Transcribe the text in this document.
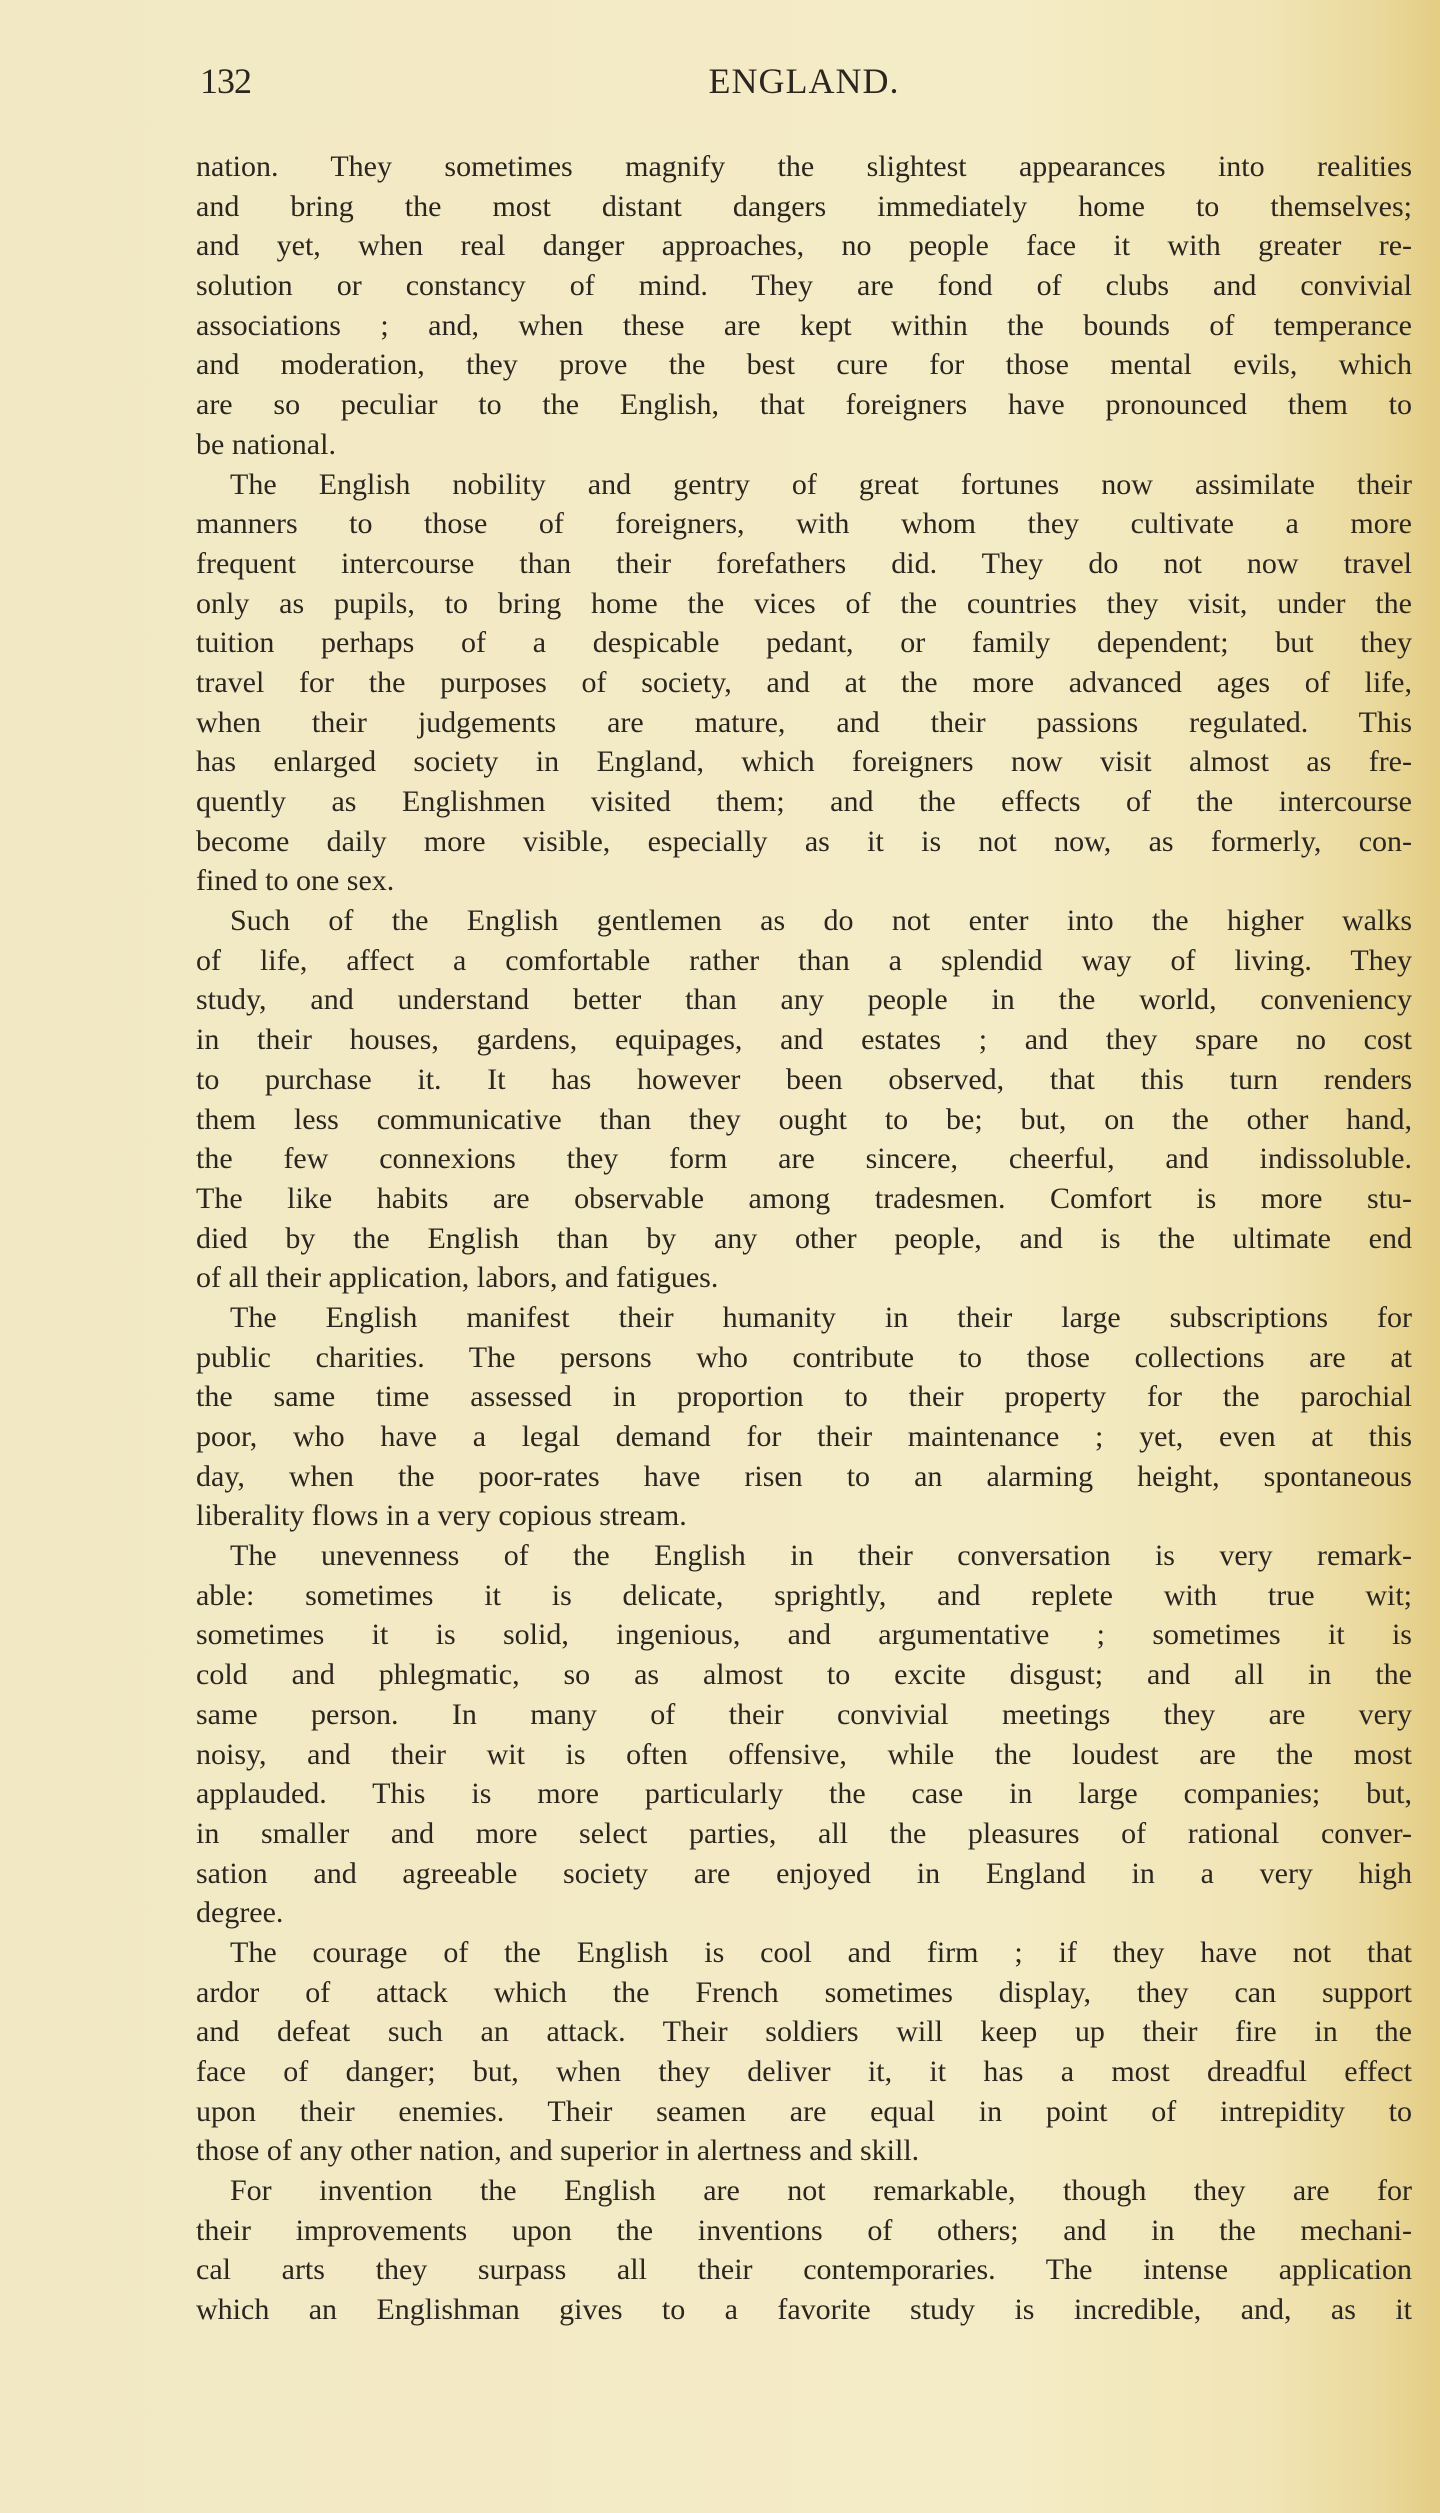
132	ENGLAND.
nation. They sometimes magnify the slightest appearances into realities
and bring the most distant dangers immediately home to themselves;
and yet, when real danger approaches, no people face it with greater re-
solution or constancy of mind. They are fond of clubs and convivial
associations ; and, when these are kept within the bounds of temperance
and moderation, they prove the best cure for those mental evils, which
are so peculiar to the English, that foreigners have pronounced them to
be national.
The English nobility and gentry of great fortunes now assimilate their
manners to those of foreigners, with whom they cultivate a more
frequent intercourse than their forefathers did. They do not now travel
only as pupils, to bring home the vices of the countries they visit, under the
tuition perhaps of a despicable pedant, or family dependent; but they
travel for the purposes of society, and at the more advanced ages of life,
when their judgements are mature, and their passions regulated. This
has enlarged society in England, which foreigners now visit almost as fre-
quently as Englishmen visited them; and the effects of the intercourse
become daily more visible, especially as it is not now, as formerly, con-
fined to one sex.
Such of the English gentlemen as do not enter into the higher walks
of life, affect a comfortable rather than a splendid way of living. They
study, and understand better than any people in the world, conveniency
in their houses, gardens, equipages, and estates ; and they spare no cost
to purchase it. It has however been observed, that this turn renders
them less communicative than they ought to be; but, on the other hand,
the few connexions they form are sincere, cheerful, and indissoluble.
The like habits are observable among tradesmen. Comfort is more stu-
died by the English than by any other people, and is the ultimate end
of all their application, labors, and fatigues.
The English manifest their humanity in their large subscriptions for
public charities. The persons who contribute to those collections are at
the same time assessed in proportion to their property for the parochial
poor, who have a legal demand for their maintenance ; yet, even at this
day, when the poor-rates have risen to an alarming height, spontaneous
liberality flows in a very copious stream.
The unevenness of the English in their conversation is very remark-
able: sometimes it is delicate, sprightly, and replete with true wit;
sometimes it is solid, ingenious, and argumentative ; sometimes it is
cold and phlegmatic, so as almost to excite disgust; and all in the
same person. In many of their convivial meetings they are very
noisy, and their wit is often offensive, while the loudest are the most
applauded. This is more particularly the case in large companies; but,
in smaller and more select parties, all the pleasures of rational conver-
sation and agreeable society are enjoyed in England in a very high
degree.
The courage of the English is cool and firm ; if they have not that
ardor of attack which the French sometimes display, they can support
and defeat such an attack. Their soldiers will keep up their fire in the
face of danger; but, when they deliver it, it has a most dreadful effect
upon their enemies. Their seamen are equal in point of intrepidity to
those of any other nation, and superior in alertness and skill.
For invention the English are not remarkable, though they are for
their improvements upon the inventions of others; and in the mechani-
cal arts they surpass all their contemporaries. The intense application
which an Englishman gives to a favorite study is incredible, and, as it
